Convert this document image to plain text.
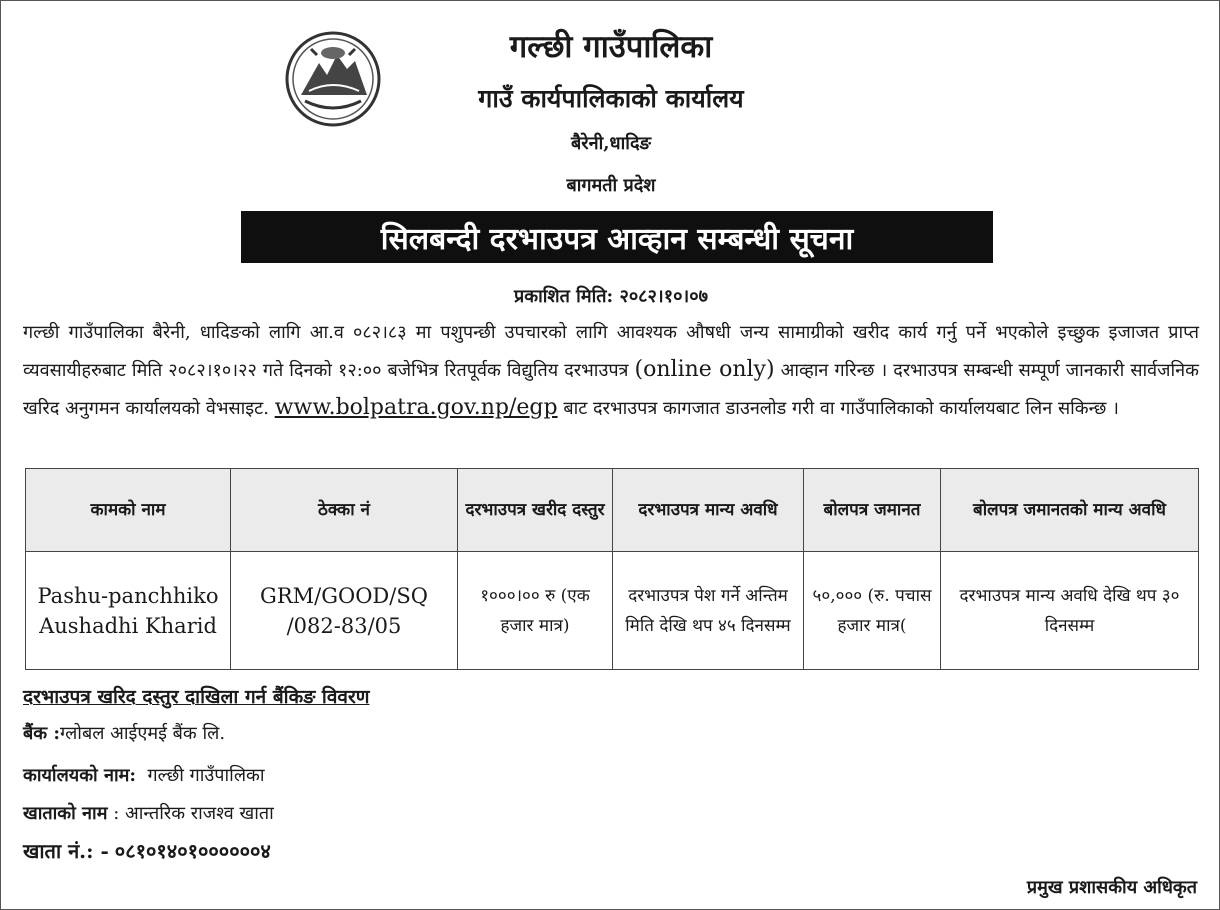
गल्छी गाउँपालिका
गाउँ कार्यपालिकाको कार्यालय
बैरेनी,धादिङ
बागमती प्रदेश
सिलबन्दी दरभाउपत्र आव्हान सम्बन्धी सूचना
प्रकाशित मिति: २०८२।१०।०७
गल्छी गाउँपालिका बैरेनी, धादिङको लागि आ.व ०८२।८३ मा पशुपन्छी उपचारको लागि आवश्यक औषधी जन्य सामाग्रीको खरीद कार्य गर्नु पर्ने भएकोले इच्छुक इजाजत प्राप्त व्यवसायीहरुबाट मिति २०८२।१०।२२ गते दिनको १२:०० बजेभित्र रितपूर्वक विद्युतिय दरभाउपत्र (online only) आव्हान गरिन्छ । दरभाउपत्र सम्बन्धी सम्पूर्ण जानकारी सार्वजनिक खरिद अनुगमन कार्यालयको वेभसाइट. www.bolpatra.gov.np/egp बाट दरभाउपत्र कागजात डाउनलोड गरी वा गाउँपालिकाको कार्यालयबाट लिन सकिन्छ ।
कामको नाम	ठेक्का नं	दरभाउपत्र खरीद दस्तुर	दरभाउपत्र मान्य अवधि	बोलपत्र जमानत	बोलपत्र जमानतको मान्य अवधि
Pashu-panchhiko Aushadhi Kharid	GRM/GOOD/SQ /082-83/05	१०००।०० रु (एक हजार मात्र)	दरभाउपत्र पेश गर्ने अन्तिम मिति देखि थप ४५ दिनसम्म	५०,००० (रु. पचास हजार मात्र(	दरभाउपत्र मान्य अवधि देखि थप ३० दिनसम्म
दरभाउपत्र खरिद दस्तुर दाखिला गर्न बैंकिङ विवरण
बैंक :ग्लोबल आईएमई बैंक लि.
कार्यालयको नाम: गल्छी गाउँपालिका
खाताको नाम : आन्तरिक राजश्व खाता
खाता नं.: - ०८१०१४०१००००००४
प्रमुख प्रशासकीय अधिकृत
